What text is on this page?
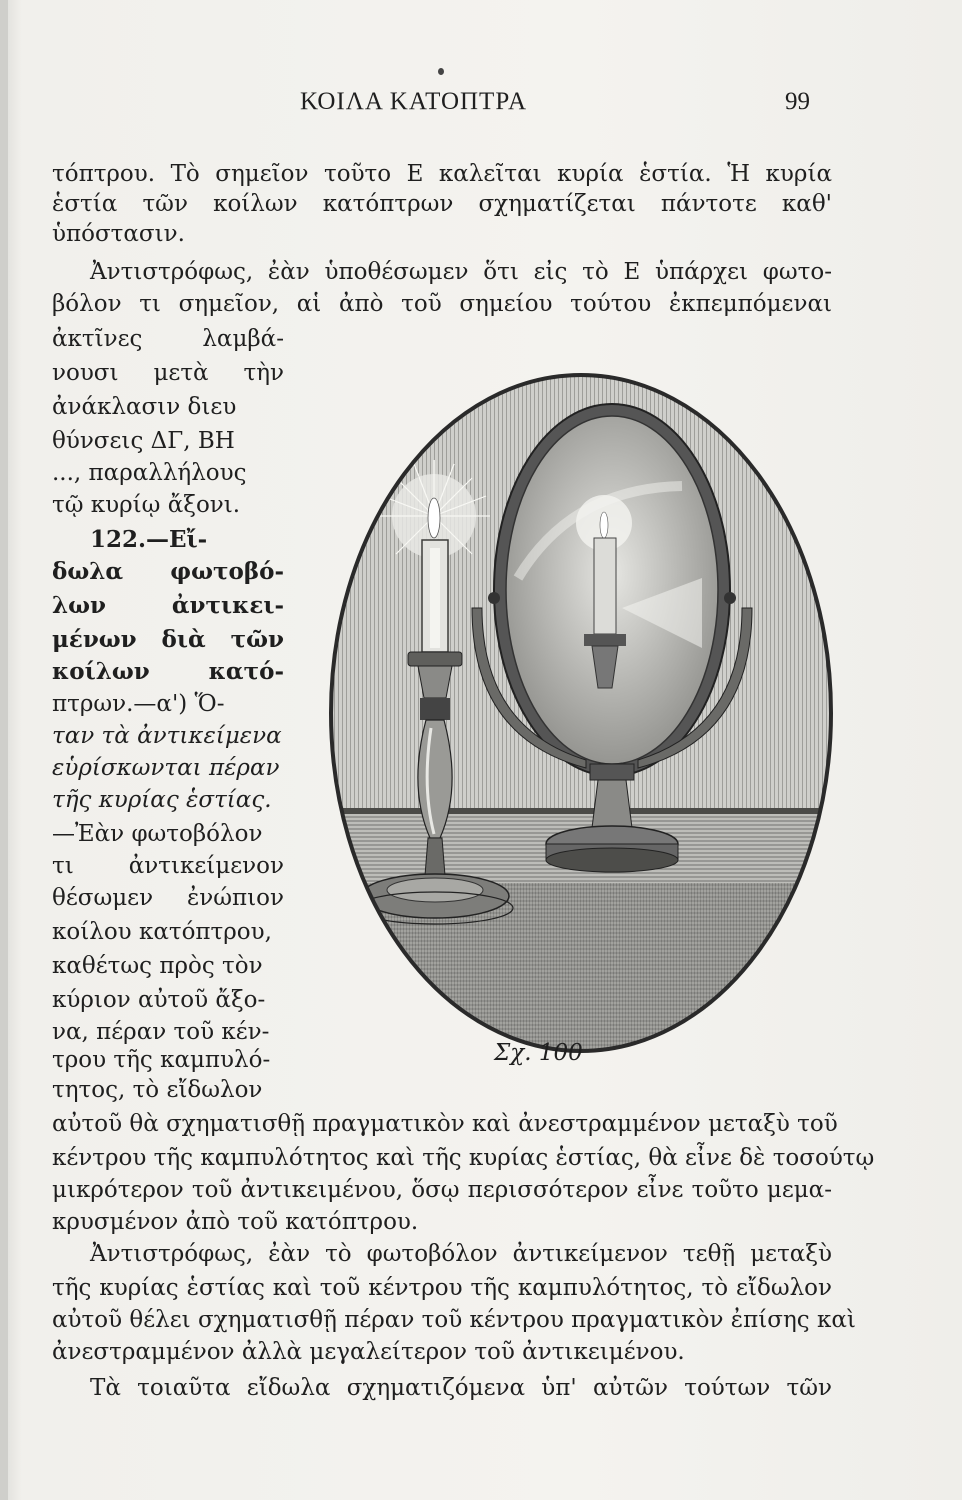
ΚΟΙΛΑ ΚΑΤΟΠΤΡΑ	99
τόπτρου. Τὸ σημεῖον τοῦτο E καλεῖται κυρία ἑστία. Ἡ κυρία
ἑστία τῶν κοίλων κατόπτρων σχηματίζεται πάντοτε καθ'
ὑπόστασιν.
Ἀντιστρόφως, ἐὰν ὑποθέσωμεν ὅτι εἰς τὸ E ὑπάρχει φωτο-
βόλον τι σημεῖον, αἱ ἀπὸ τοῦ σημείου τούτου ἐκπεμπόμεναι
ἀκτῖνες λαμβά-
νουσι μετὰ τὴν
ἀνάκλασιν διευ
θύνσεις ΔΓ, BH
..., παραλλήλους
τῷ κυρίῳ ἄξονι.
122.—Εἴ-
δωλα φωτοβό-
λων ἀντικει-
μένων διὰ τῶν
κοίλων κατό-
πτρων.—α') Ὅ-
ταν τὰ ἀντικείμενα
εὑρίσκωνται πέραν
τῆς κυρίας ἑστίας.
—Ἐὰν φωτοβόλον
τι ἀντικείμενον
θέσωμεν ἐνώπιον
κοίλου κατόπτρου,
καθέτως πρὸς τὸν
κύριον αὐτοῦ ἄξο-
να, πέραν τοῦ κέν-
τρου τῆς καμπυλό-
τητος, τὸ εἴδωλον
Σχ. 100
αὐτοῦ θὰ σχηματισθῇ πραγματικὸν καὶ ἀνεστραμμένον μεταξὺ τοῦ
κέντρου τῆς καμπυλότητος καὶ τῆς κυρίας ἑστίας, θὰ εἶνε δὲ τοσούτῳ
μικρότερον τοῦ ἀντικειμένου, ὅσῳ περισσότερον εἶνε τοῦτο μεμα-
κρυσμένον ἀπὸ τοῦ κατόπτρου.
Ἀντιστρόφως, ἐὰν τὸ φωτοβόλον ἀντικείμενον τεθῇ μεταξὺ
τῆς κυρίας ἑστίας καὶ τοῦ κέντρου τῆς καμπυλότητος, τὸ εἴδωλον
αὐτοῦ θέλει σχηματισθῇ πέραν τοῦ κέντρου πραγματικὸν ἐπίσης καὶ
ἀνεστραμμένον ἀλλὰ μεγαλείτερον τοῦ ἀντικειμένου.
Τὰ τοιαῦτα εἴδωλα σχηματιζόμενα ὑπ' αὐτῶν τούτων τῶν
